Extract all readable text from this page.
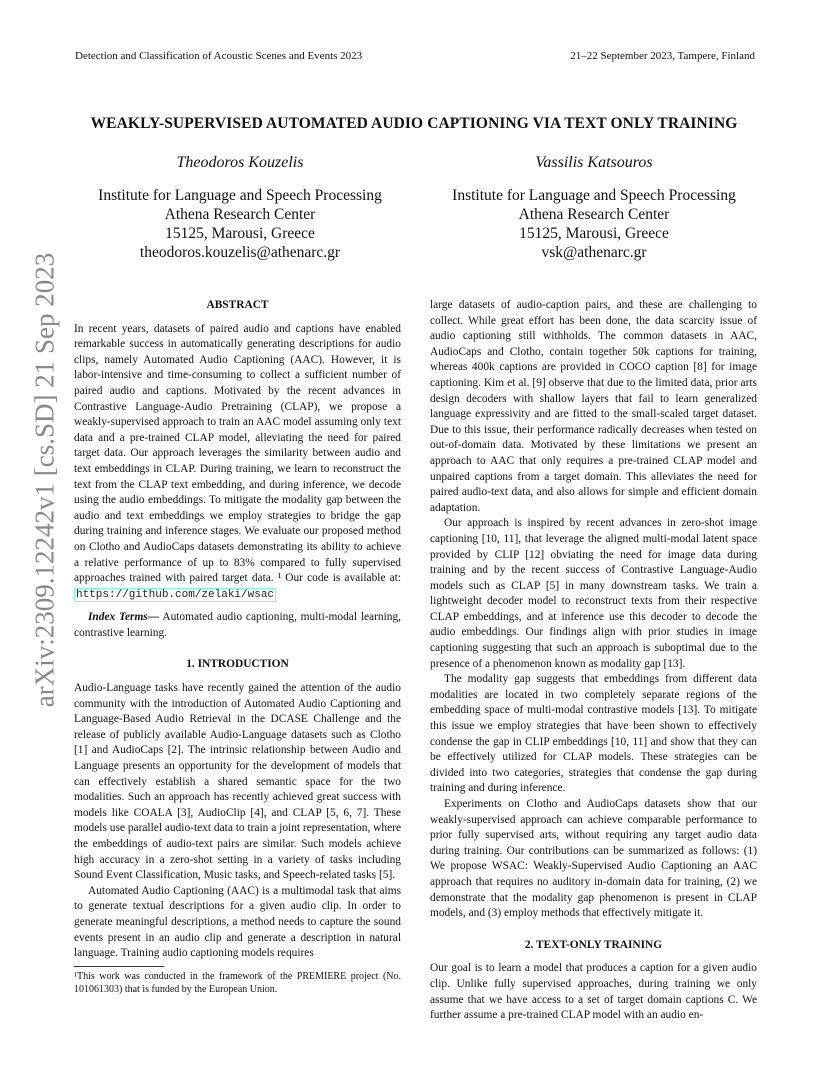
Detection and Classification of Acoustic Scenes and Events 2023	21–22 September 2023, Tampere, Finland
WEAKLY-SUPERVISED AUTOMATED AUDIO CAPTIONING VIA TEXT ONLY TRAINING
Theodoros Kouzelis
Institute for Language and Speech Processing
Athena Research Center
15125, Marousi, Greece
theodoros.kouzelis@athenarc.gr
Vassilis Katsouros
Institute for Language and Speech Processing
Athena Research Center
15125, Marousi, Greece
vsk@athenarc.gr
arXiv:2309.12242v1 [cs.SD] 21 Sep 2023	ABSTRACT

In recent years, datasets of paired audio and captions have enabled remarkable success in automatically generating descriptions for audio clips, namely Automated Audio Captioning (AAC). However, it is labor-intensive and time-consuming to collect a sufficient number of paired audio and captions. Motivated by the recent advances in Contrastive Language-Audio Pretraining (CLAP), we propose a weakly-supervised approach to train an AAC model assuming only text data and a pre-trained CLAP model, alleviating the need for paired target data. Our approach leverages the similarity between audio and text embeddings in CLAP. During training, we learn to reconstruct the text from the CLAP text embedding, and during inference, we decode using the audio embeddings. To mitigate the modality gap between the audio and text embeddings we employ strategies to bridge the gap during training and inference stages. We evaluate our proposed method on Clotho and AudioCaps datasets demonstrating its ability to achieve a relative performance of up to 83% compared to fully supervised approaches trained with paired target data. ¹ Our code is available at: https://github.com/zelaki/wsac

Index Terms— Automated audio captioning, multi-modal learning, contrastive learning.

1. INTRODUCTION

Audio-Language tasks have recently gained the attention of the audio community with the introduction of Automated Audio Captioning and Language-Based Audio Retrieval in the DCASE Challenge and the release of publicly available Audio-Language datasets such as Clotho [1] and AudioCaps [2]. The intrinsic relationship between Audio and Language presents an opportunity for the development of models that can effectively establish a shared semantic space for the two modalities. Such an approach has recently achieved great success with models like COALA [3], AudioClip [4], and CLAP [5, 6, 7]. These models use parallel audio-text data to train a joint representation, where the embeddings of audio-text pairs are similar. Such models achieve high accuracy in a zero-shot setting in a variety of tasks including Sound Event Classification, Music tasks, and Speech-related tasks [5].

Automated Audio Captioning (AAC) is a multimodal task that aims to generate textual descriptions for a given audio clip. In order to generate meaningful descriptions, a method needs to capture the sound events present in an audio clip and generate a description in natural language. Training audio captioning models requires

¹This work was conducted in the framework of the PREMIERE project (No. 101061303) that is funded by the European Union.

large datasets of audio-caption pairs, and these are challenging to collect. While great effort has been done, the data scarcity issue of audio captioning still withholds. The common datasets in AAC, AudioCaps and Clotho, contain together 50k captions for training, whereas 400k captions are provided in COCO caption [8] for image captioning. Kim et al. [9] observe that due to the limited data, prior arts design decoders with shallow layers that fail to learn generalized language expressivity and are fitted to the small-scaled target dataset. Due to this issue, their performance radically decreases when tested on out-of-domain data. Motivated by these limitations we present an approach to AAC that only requires a pre-trained CLAP model and unpaired captions from a target domain. This alleviates the need for paired audio-text data, and also allows for simple and efficient domain adaptation.

Our approach is inspired by recent advances in zero-shot image captioning [10, 11], that leverage the aligned multi-modal latent space provided by CLIP [12] obviating the need for image data during training and by the recent success of Contrastive Language-Audio models such as CLAP [5] in many downstream tasks. We train a lightweight decoder model to reconstruct texts from their respective CLAP embeddings, and at inference use this decoder to decode the audio embeddings. Our findings align with prior studies in image captioning suggesting that such an approach is suboptimal due to the presence of a phenomenon known as modality gap [13].

The modality gap suggests that embeddings from different data modalities are located in two completely separate regions of the embedding space of multi-modal contrastive models [13]. To mitigate this issue we employ strategies that have been shown to effectively condense the gap in CLIP embeddings [10, 11] and show that they can be effectively utilized for CLAP models. These strategies can be divided into two categories, strategies that condense the gap during training and during inference.

Experiments on Clotho and AudioCaps datasets show that our weakly-supervised approach can achieve comparable performance to prior fully supervised arts, without requiring any target audio data during training. Our contributions can be summarized as follows: (1) We propose WSAC: Weakly-Supervised Audio Captioning an AAC approach that requires no auditory in-domain data for training, (2) we demonstrate that the modality gap phenomenon is present in CLAP models, and (3) employ methods that effectively mitigate it.

2. TEXT-ONLY TRAINING

Our goal is to learn a model that produces a caption for a given audio clip. Unlike fully supervised approaches, during training we only assume that we have access to a set of target domain captions C. We further assume a pre-trained CLAP model with an audio en-
